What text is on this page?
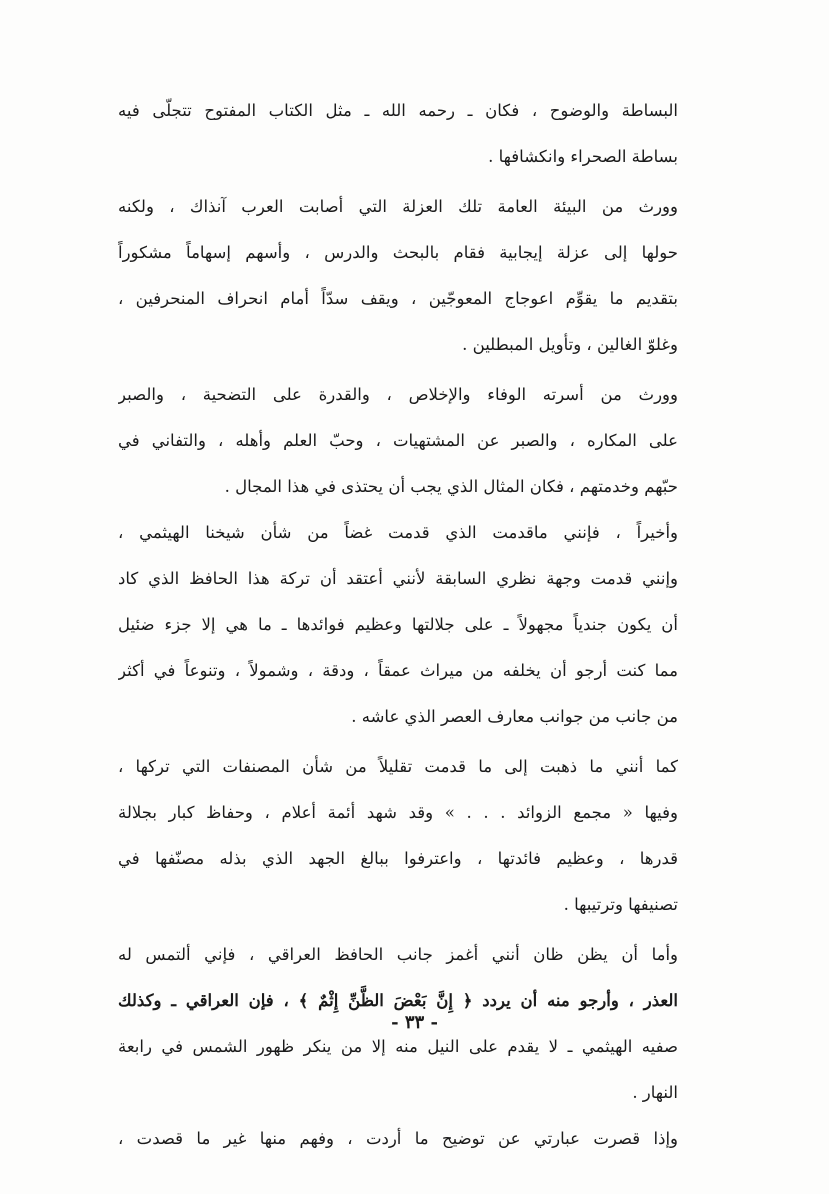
البساطة والوضوح ، فكان ـ رحمه الله ـ مثل الكتاب المفتوح تتجلّى فيه
بساطة الصحراء وانكشافها .
وورث من البيئة العامة تلك العزلة التي أصابت العرب آنذاك ، ولكنه
حولها إلى عزلة إيجابية فقام بالبحث والدرس ، وأسهم إسهاماً مشكوراً
بتقديم ما يقوِّم اعوجاج المعوجّين ، ويقف سدّاً أمام انحراف المنحرفين ،
وغلوّ الغالين ، وتأويل المبطلين .
وورث من أسرته الوفاء والإخلاص ، والقدرة على التضحية ، والصبر
على المكاره ، والصبر عن المشتهيات ، وحبّ العلم وأهله ، والتفاني في
حبّهم وخدمتهم ، فكان المثال الذي يجب أن يحتذى في هذا المجال .
وأخيراً ، فإنني ماقدمت الذي قدمت غضاً من شأن شيخنا الهيثمي ،
وإنني قدمت وجهة نظري السابقة لأنني أعتقد أن تركة هذا الحافظ الذي كاد
أن يكون جندياً مجهولاً ـ على جلالتها وعظيم فوائدها ـ ما هي إلا جزء ضئيل
مما كنت أرجو أن يخلفه من ميراث عمقاً ، ودقة ، وشمولاً ، وتنوعاً في أكثر
من جانب من جوانب معارف العصر الذي عاشه .
كما أنني ما ذهبت إلى ما قدمت تقليلاً من شأن المصنفات التي تركها ،
وفيها « مجمع الزوائد . . . » وقد شهد أئمة أعلام ، وحفاظ كبار بجلالة
قدرها ، وعظيم فائدتها ، واعترفوا ببالغ الجهد الذي بذله مصنّفها في
تصنيفها وترتيبها .
وأما أن يظن ظان أنني أغمز جانب الحافظ العراقي ، فإني ألتمس له
العذر ، وأرجو منه أن يردد ﴿ إِنَّ بَعْضَ الظَّنِّ إِثْمٌ ﴾ ، فإن العراقي ـ وكذلك
صفيه الهيثمي ـ لا يقدم على النيل منه إلا من ينكر ظهور الشمس في رابعة
النهار .
وإذا قصرت عبارتي عن توضيح ما أردت ، وفهم منها غير ما قصدت ،
- ٣٣ -
